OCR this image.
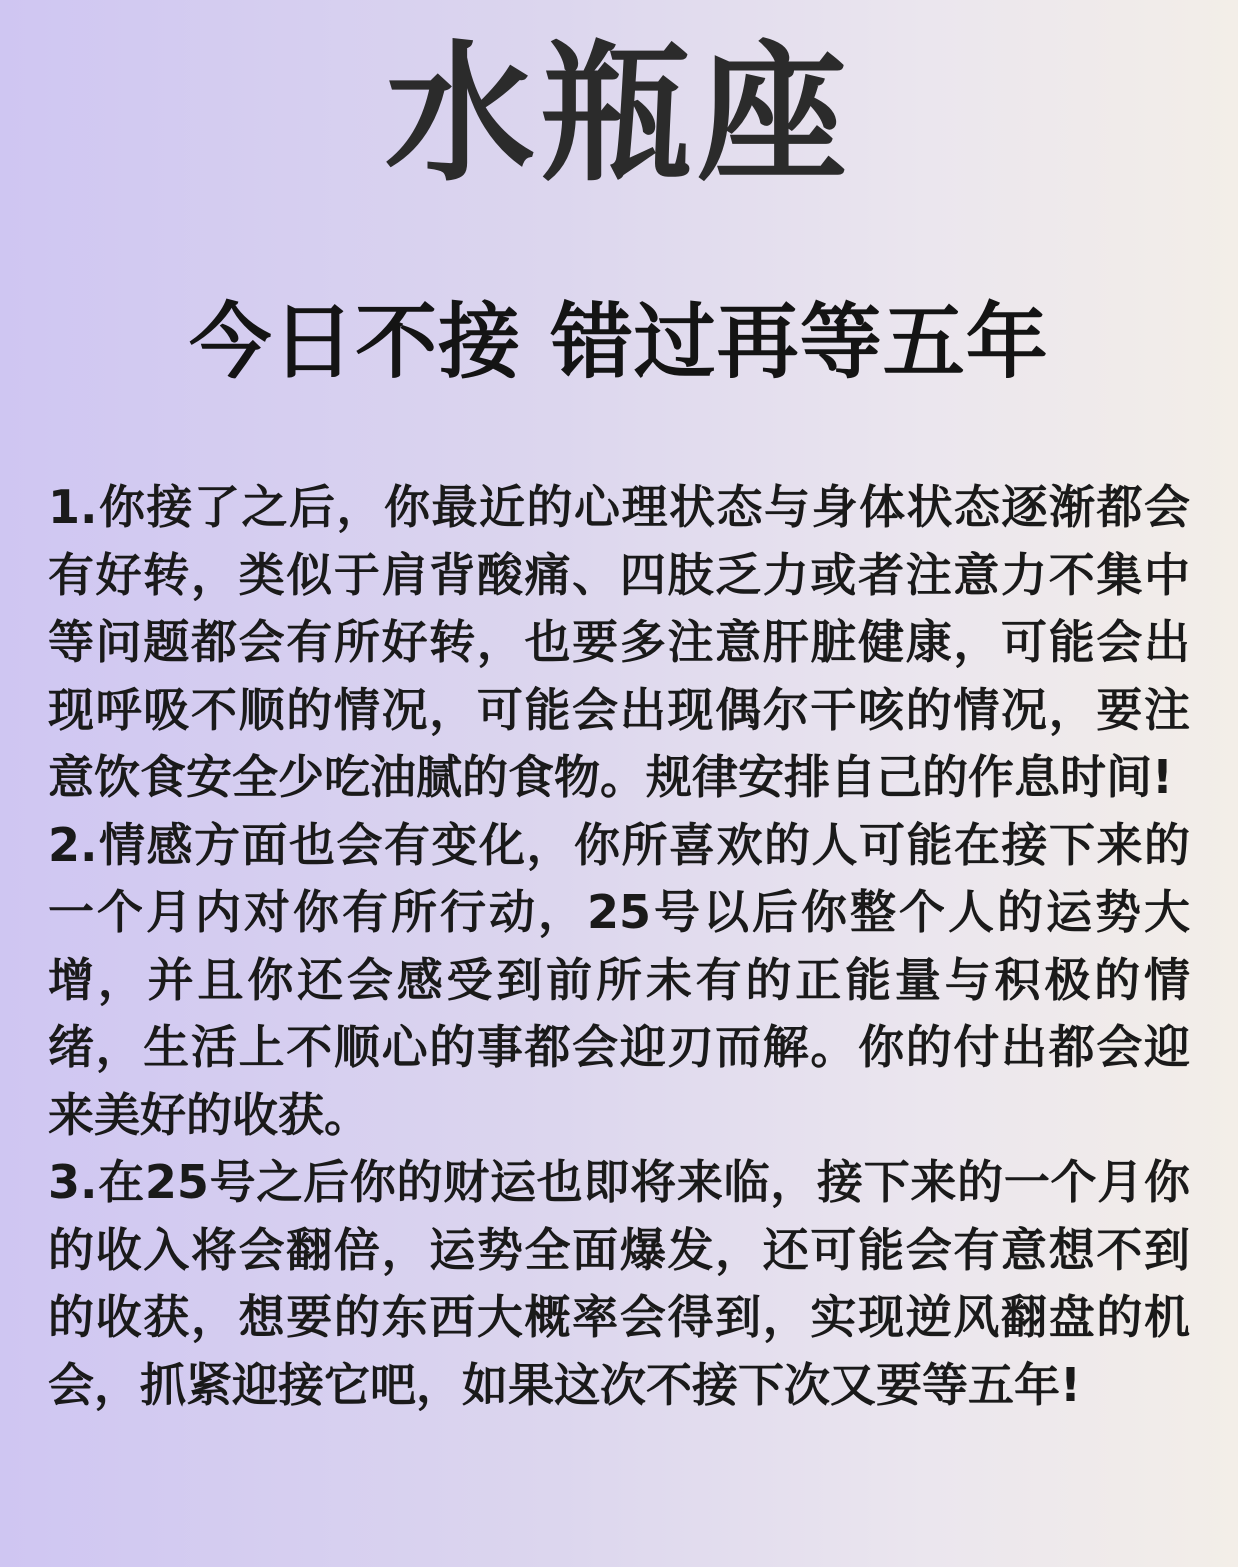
水瓶座
今日不接 错过再等五年

1.你接了之后，你最近的心理状态与身体状态逐渐都会有好转，类似于肩背酸痛、四肢乏力或者注意力不集中等问题都会有所好转，也要多注意肝脏健康，可能会出现呼吸不顺的情况，可能会出现偶尔干咳的情况，要注意饮食安全少吃油腻的食物。规律安排自己的作息时间!

2.情感方面也会有变化，你所喜欢的人可能在接下来的一个月内对你有所行动，25号以后你整个人的运势大增，并且你还会感受到前所未有的正能量与积极的情绪，生活上不顺心的事都会迎刃而解。你的付出都会迎来美好的收获。

3.在25号之后你的财运也即将来临，接下来的一个月你的收入将会翻倍，运势全面爆发，还可能会有意想不到的收获，想要的东西大概率会得到，实现逆风翻盘的机会，抓紧迎接它吧，如果这次不接下次又要等五年!
